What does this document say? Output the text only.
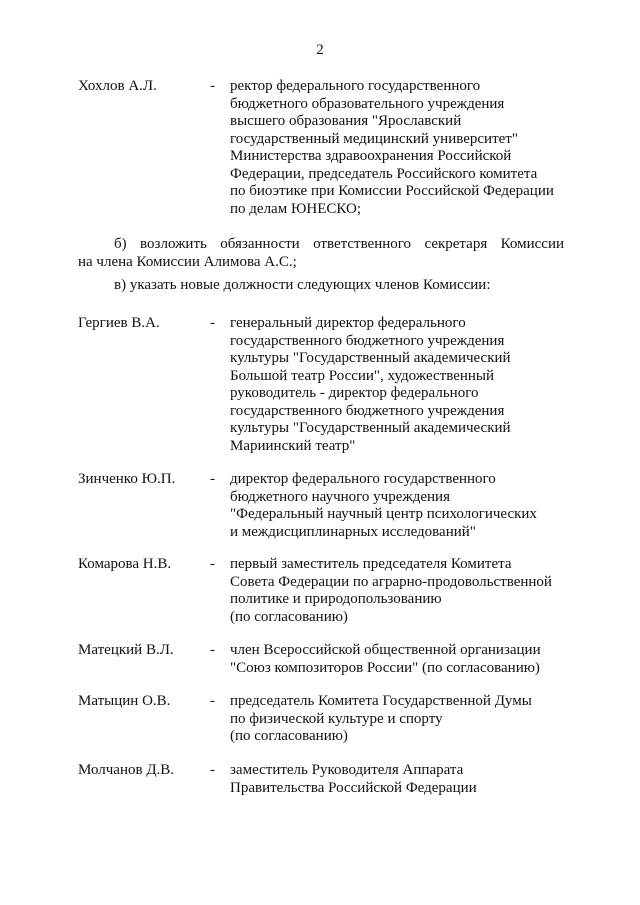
2
Хохлов А.Л.	-	ректор федерального государственного
бюджетного образовательного учреждения
высшего образования "Ярославский
государственный медицинский университет"
Министерства здравоохранения Российской
Федерации, председатель Российского комитета
по биоэтике при Комиссии Российской Федерации
по делам ЮНЕСКО;
б) возложить обязанности ответственного секретаря Комиссии
на члена Комиссии Алимова А.С.;
в) указать новые должности следующих членов Комиссии:
Гергиев В.А.	-	генеральный директор федерального
государственного бюджетного учреждения
культуры "Государственный академический
Большой театр России", художественный
руководитель - директор федерального
государственного бюджетного учреждения
культуры "Государственный академический
Мариинский театр"
Зинченко Ю.П.	-	директор федерального государственного
бюджетного научного учреждения
"Федеральный научный центр психологических
и междисциплинарных исследований"
Комарова Н.В.	-	первый заместитель председателя Комитета
Совета Федерации по аграрно-продовольственной
политике и природопользованию
(по согласованию)
Матецкий В.Л.	-	член Всероссийской общественной организации
"Союз композиторов России" (по согласованию)
Матыцин О.В.	-	председатель Комитета Государственной Думы
по физической культуре и спорту
(по согласованию)
Молчанов Д.В.	-	заместитель Руководителя Аппарата
Правительства Российской Федерации
